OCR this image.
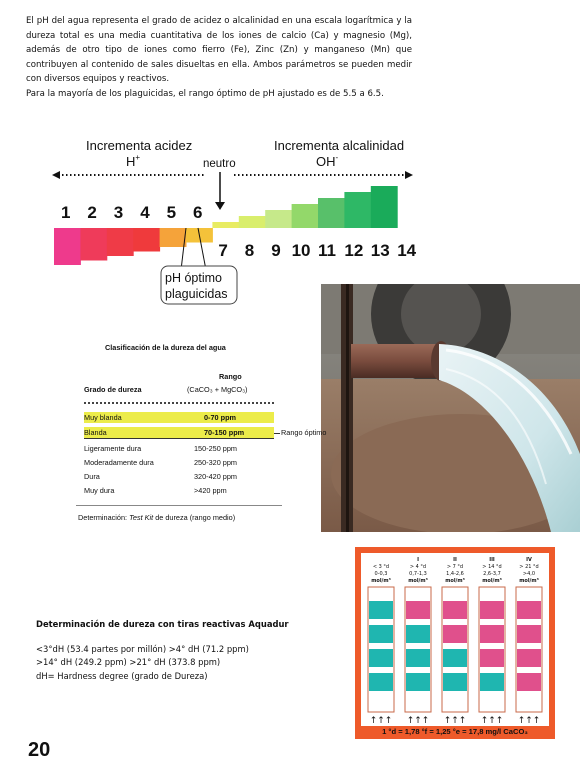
El pH del agua representa el grado de acidez o alcalinidad en una escala logarítmica y la dureza total es una media cuantitativa de los iones de calcio (Ca) y magnesio (Mg), además de otro tipo de iones como fierro (Fe), Zinc (Zn) y manganeso (Mn) que contribuyen al contenido de sales disueltas en ella. Ambos parámetros se pueden medir con diversos equipos y reactivos.

Para la mayoría de los plaguicidas, el rango óptimo de pH ajustado es de 5.5 a 6.5.

Incrementa acidez
H+
Incrementa alcalinidad
OH-
neutro
1 2 3 4 5 6
7 8 9 10 11 12 13 14
pH óptimo
plaguicidas
Clasificación de la dureza del agua
Rango
(CaCO₃ + MgCO₃)
Grado de dureza
Muy blanda	0-70 ppm
Blanda	70-150 ppm	Rango óptimo
Ligeramente dura	150-250 ppm
Moderadamente dura	250-320 ppm
Dura	320-420 ppm
Muy dura	>420 ppm
Determinación: Test Kit de dureza (rango medio)

Determinación de dureza con tiras reactivas Aquadur

<3°dH (53.4 partes por millón) >4° dH (71.2 ppm)

>14° dH (249.2 ppm) >21° dH (373.8 ppm)

dH= Hardness degree (grado de Dureza)

< 3 °d
0-0,3
mol/m³
↑↑↑
I
> 4 °d
0,7-1,3
mol/m³
↑↑↑
II
> 7 °d
1,4-2,6
mol/m³
↑↑↑
III
> 14 °d
2,6-3,7
mol/m³
↑↑↑
IV
> 21 °d
>4,0
mol/m³
↑↑↑
1 °d = 1,78 °f = 1,25 °e = 17,8 mg/l CaCO₃
20
